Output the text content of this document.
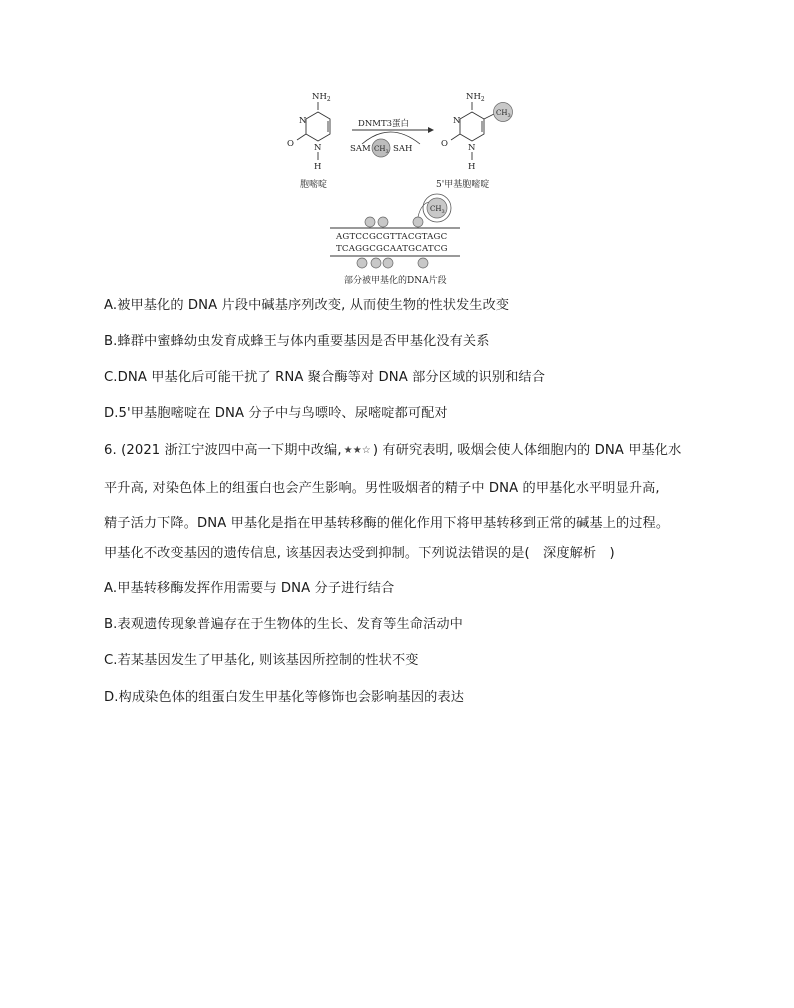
$NH_2$
N
N
O
H
胞嘧啶
DNMT3蛋白
SAM $CH_3$ SAH
$NH_2$
$CH_3$
N
N
O
H
5'甲基胞嘧啶
$CH_3$
AGTCCGCGTTACGTAGC
TCAGGCGCAATGCATCG
部分被甲基化的DNA片段
A.被甲基化的 DNA 片段中碱基序列改变, 从而使生物的性状发生改变
B.蜂群中蜜蜂幼虫发育成蜂王与体内重要基因是否甲基化没有关系
C.DNA 甲基化后可能干扰了 RNA 聚合酶等对 DNA 部分区域的识别和结合
D.5'甲基胞嘧啶在 DNA 分子中与鸟嘌呤、尿嘧啶都可配对
6. (2021 浙江宁波四中高一下期中改编, ★★☆ ) 有研究表明, 吸烟会使人体细胞内的 DNA 甲基化水
平升高, 对染色体上的组蛋白也会产生影响。男性吸烟者的精子中 DNA 的甲基化水平明显升高,
精子活力下降。DNA 甲基化是指在甲基转移酶的催化作用下将甲基转移到正常的碱基上的过程。
甲基化不改变基因的遗传信息, 该基因表达受到抑制。下列说法错误的是(　深度解析　)
A.甲基转移酶发挥作用需要与 DNA 分子进行结合
B.表观遗传现象普遍存在于生物体的生长、发育等生命活动中
C.若某基因发生了甲基化, 则该基因所控制的性状不变
D.构成染色体的组蛋白发生甲基化等修饰也会影响基因的表达
